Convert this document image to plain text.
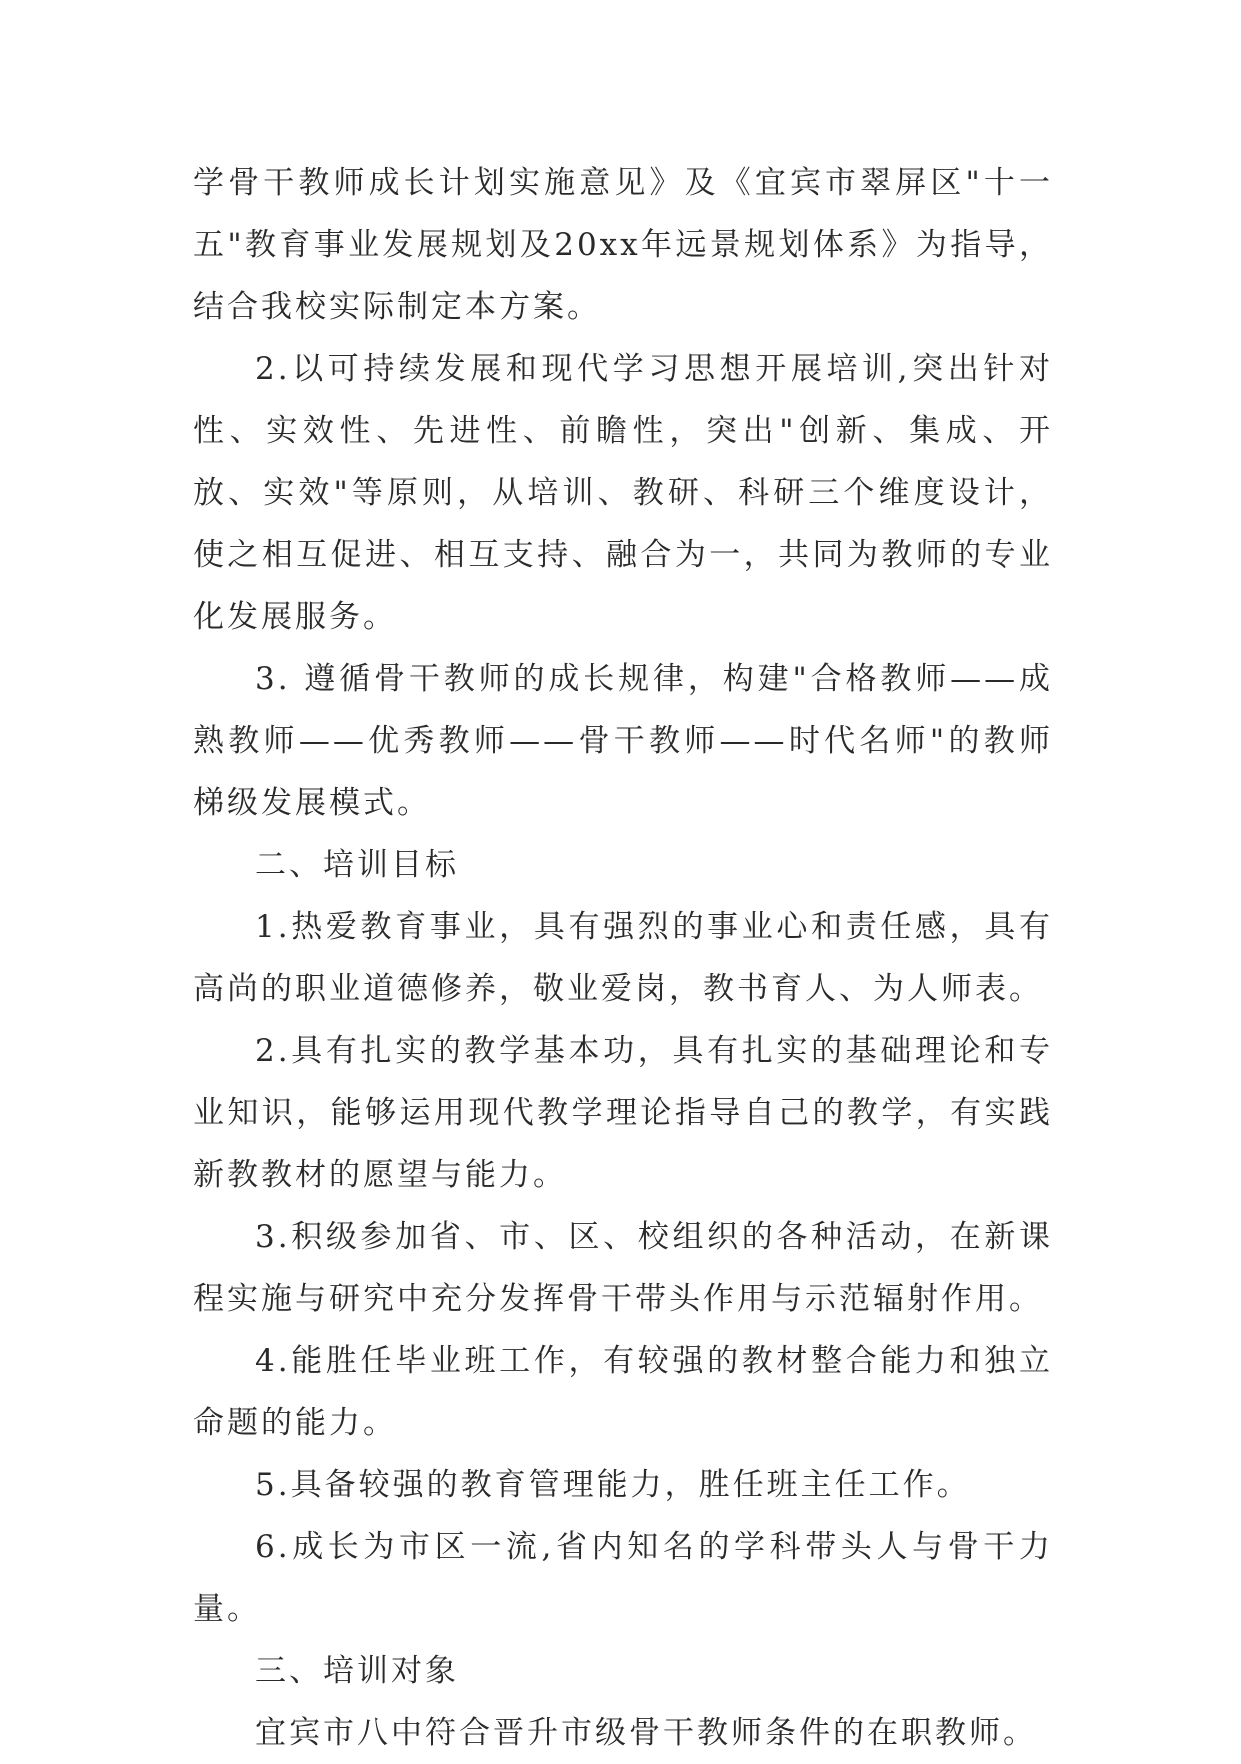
学骨干教师成长计划实施意见》及《宜宾市翠屏区"十一五"教育事业发展规划及20xx年远景规划体系》为指导，结合我校实际制定本方案。

2.以可持续发展和现代学习思想开展培训,突出针对性、实效性、先进性、前瞻性，突出"创新、集成、开放、实效"等原则，从培训、教研、科研三个维度设计，使之相互促进、相互支持、融合为一，共同为教师的专业化发展服务。

3. 遵循骨干教师的成长规律，构建"合格教师——成熟教师——优秀教师——骨干教师——时代名师"的教师梯级发展模式。

二、培训目标

1.热爱教育事业，具有强烈的事业心和责任感，具有高尚的职业道德修养，敬业爱岗，教书育人、为人师表。

2.具有扎实的教学基本功，具有扎实的基础理论和专业知识，能够运用现代教学理论指导自己的教学，有实践新教教材的愿望与能力。

3.积级参加省、市、区、校组织的各种活动，在新课程实施与研究中充分发挥骨干带头作用与示范辐射作用。

4.能胜任毕业班工作，有较强的教材整合能力和独立命题的能力。

5.具备较强的教育管理能力，胜任班主任工作。

6.成长为市区一流,省内知名的学科带头人与骨干力量。

三、培训对象

宜宾市八中符合晋升市级骨干教师条件的在职教师。
